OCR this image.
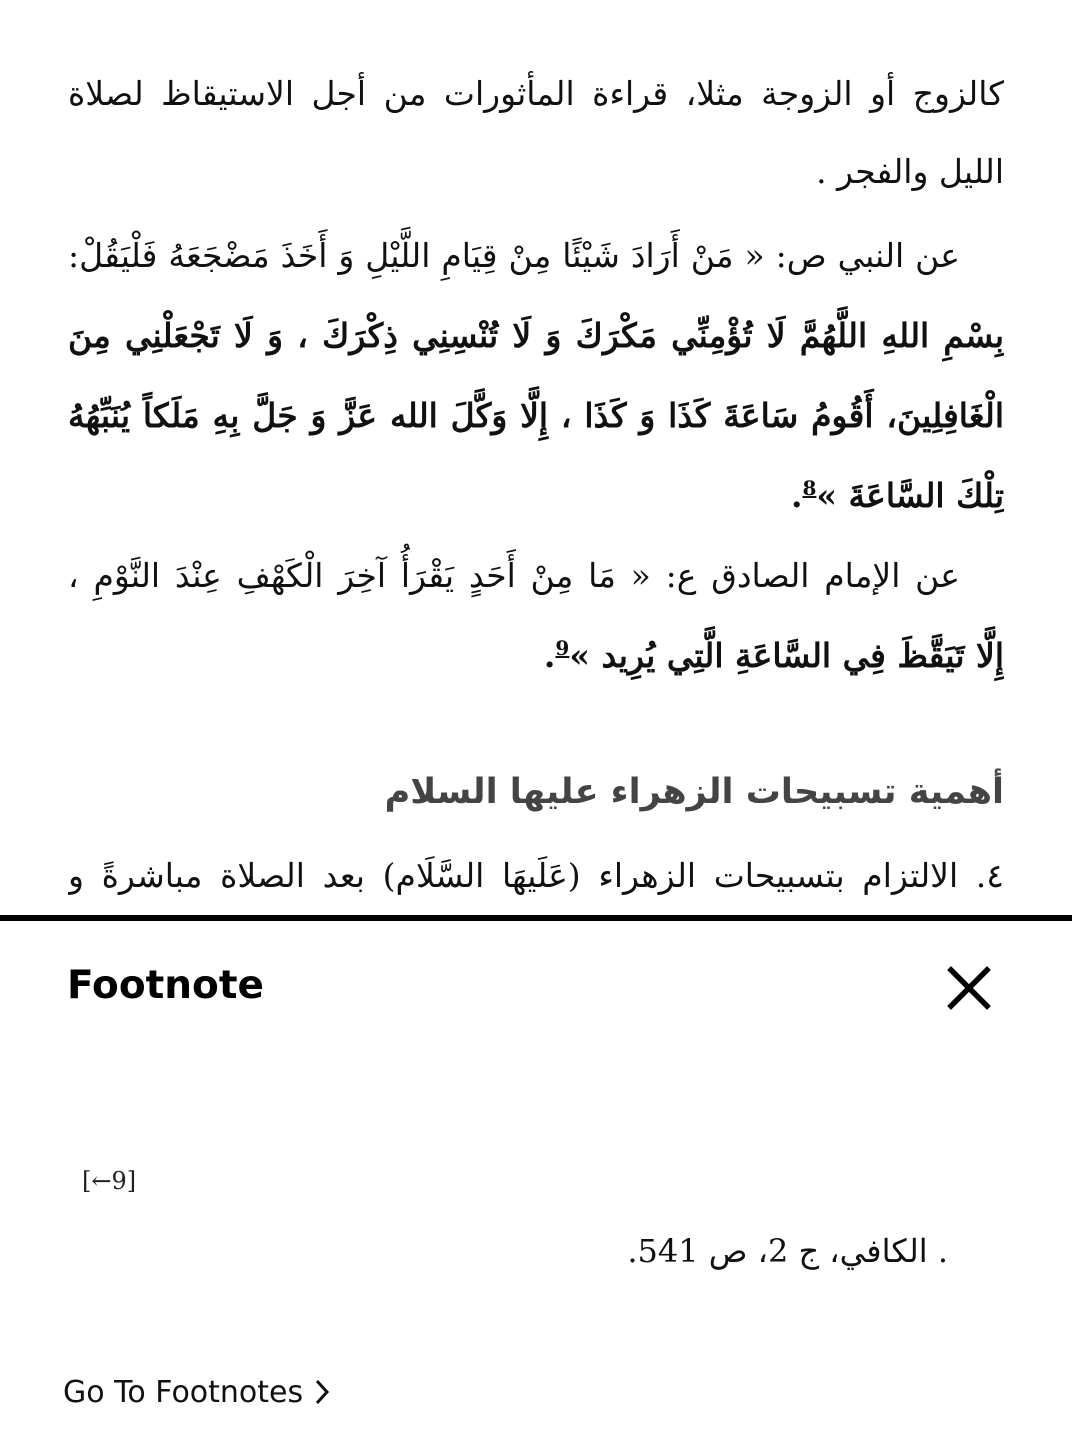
كالزوج أو الزوجة مثلا، قراءة المأثورات من أجل الاستيقاظ لصلاة
الليل والفجر .
عن النبي ص: « مَنْ أَرَادَ شَيْئًا مِنْ قِيَامِ اللَّيْلِ وَ أَخَذَ مَضْجَعَهُ فَلْيَقُلْ:
بِسْمِ اللهِ اللَّهُمَّ لَا تُؤْمِنِّي مَكْرَكَ وَ لَا تُنْسِنِي ذِكْرَكَ ، وَ لَا تَجْعَلْنِي مِنَ
الْغَافِلِينَ، أَقُومُ سَاعَةَ كَذَا وَ كَذَا ، إِلَّا وَكَّلَ الله عَزَّ وَ جَلَّ بِهِ مَلَكاً يُنَبِّهُهُ
تِلْكَ السَّاعَةَ »$^8$.
عن الإمام الصادق ع: « مَا مِنْ أَحَدٍ يَقْرَأُ آخِرَ الْكَهْفِ عِنْدَ النَّوْمِ ،
إِلَّا تَيَقَّظَ فِي السَّاعَةِ الَّتِي يُرِيد »$^9$.
أهمية تسبيحات الزهراء عليها السلام
٤. الالتزام بتسبيحات الزهراء (عَلَيهَا السَّلَام) بعد الصلاة مباشرةً و
Footnote
[←9]
. الكافي، ج 2، ص 541.
Go To Footnotes
